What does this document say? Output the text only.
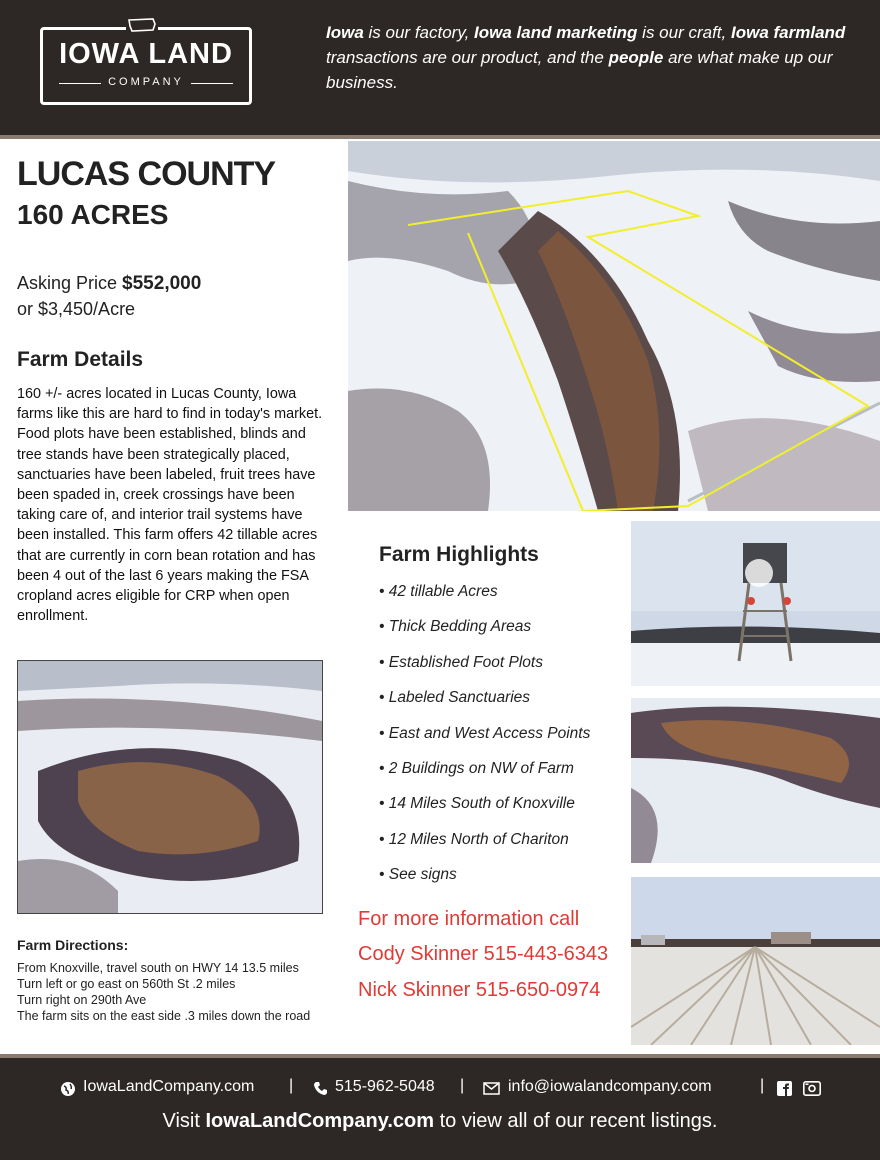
IOWA LAND
COMPANY
Iowa is our factory, Iowa land marketing is our craft, Iowa farmland transactions are our product, and the people are what make up our business.
LUCAS COUNTY
160 ACRES
Asking Price $552,000
or $3,450/Acre
Farm Details
160 +/- acres located in Lucas County, Iowa farms like this are hard to find in today's market. Food plots have been established, blinds and tree stands have been strategically placed, sanctuaries have been labeled, fruit trees have been spaded in, creek crossings have been taking care of, and interior trail systems have been installed. This farm offers 42 tillable acres that are currently in corn bean rotation and has been 4 out of the last 6 years making the FSA cropland acres eligible for CRP when open enrollment.
Farm Highlights
• 42 tillable Acres
• Thick Bedding Areas
• Established Foot Plots
• Labeled Sanctuaries
• East and West Access Points
• 2 Buildings on NW of Farm
• 14 Miles South of Knoxville
• 12 Miles North of Chariton
• See signs
For more information call
Cody Skinner 515-443-6343
Nick Skinner 515-650-0974
Farm Directions:
From Knoxville, travel south on HWY 14 13.5 miles
Turn left or go east on 560th St .2 miles
Turn right on 290th Ave
The farm sits on the east side .3 miles down the road
IowaLandCompany.com |	515-962-5048 |	info@iowalandcompany.com	|
Visit IowaLandCompany.com to view all of our recent listings.
